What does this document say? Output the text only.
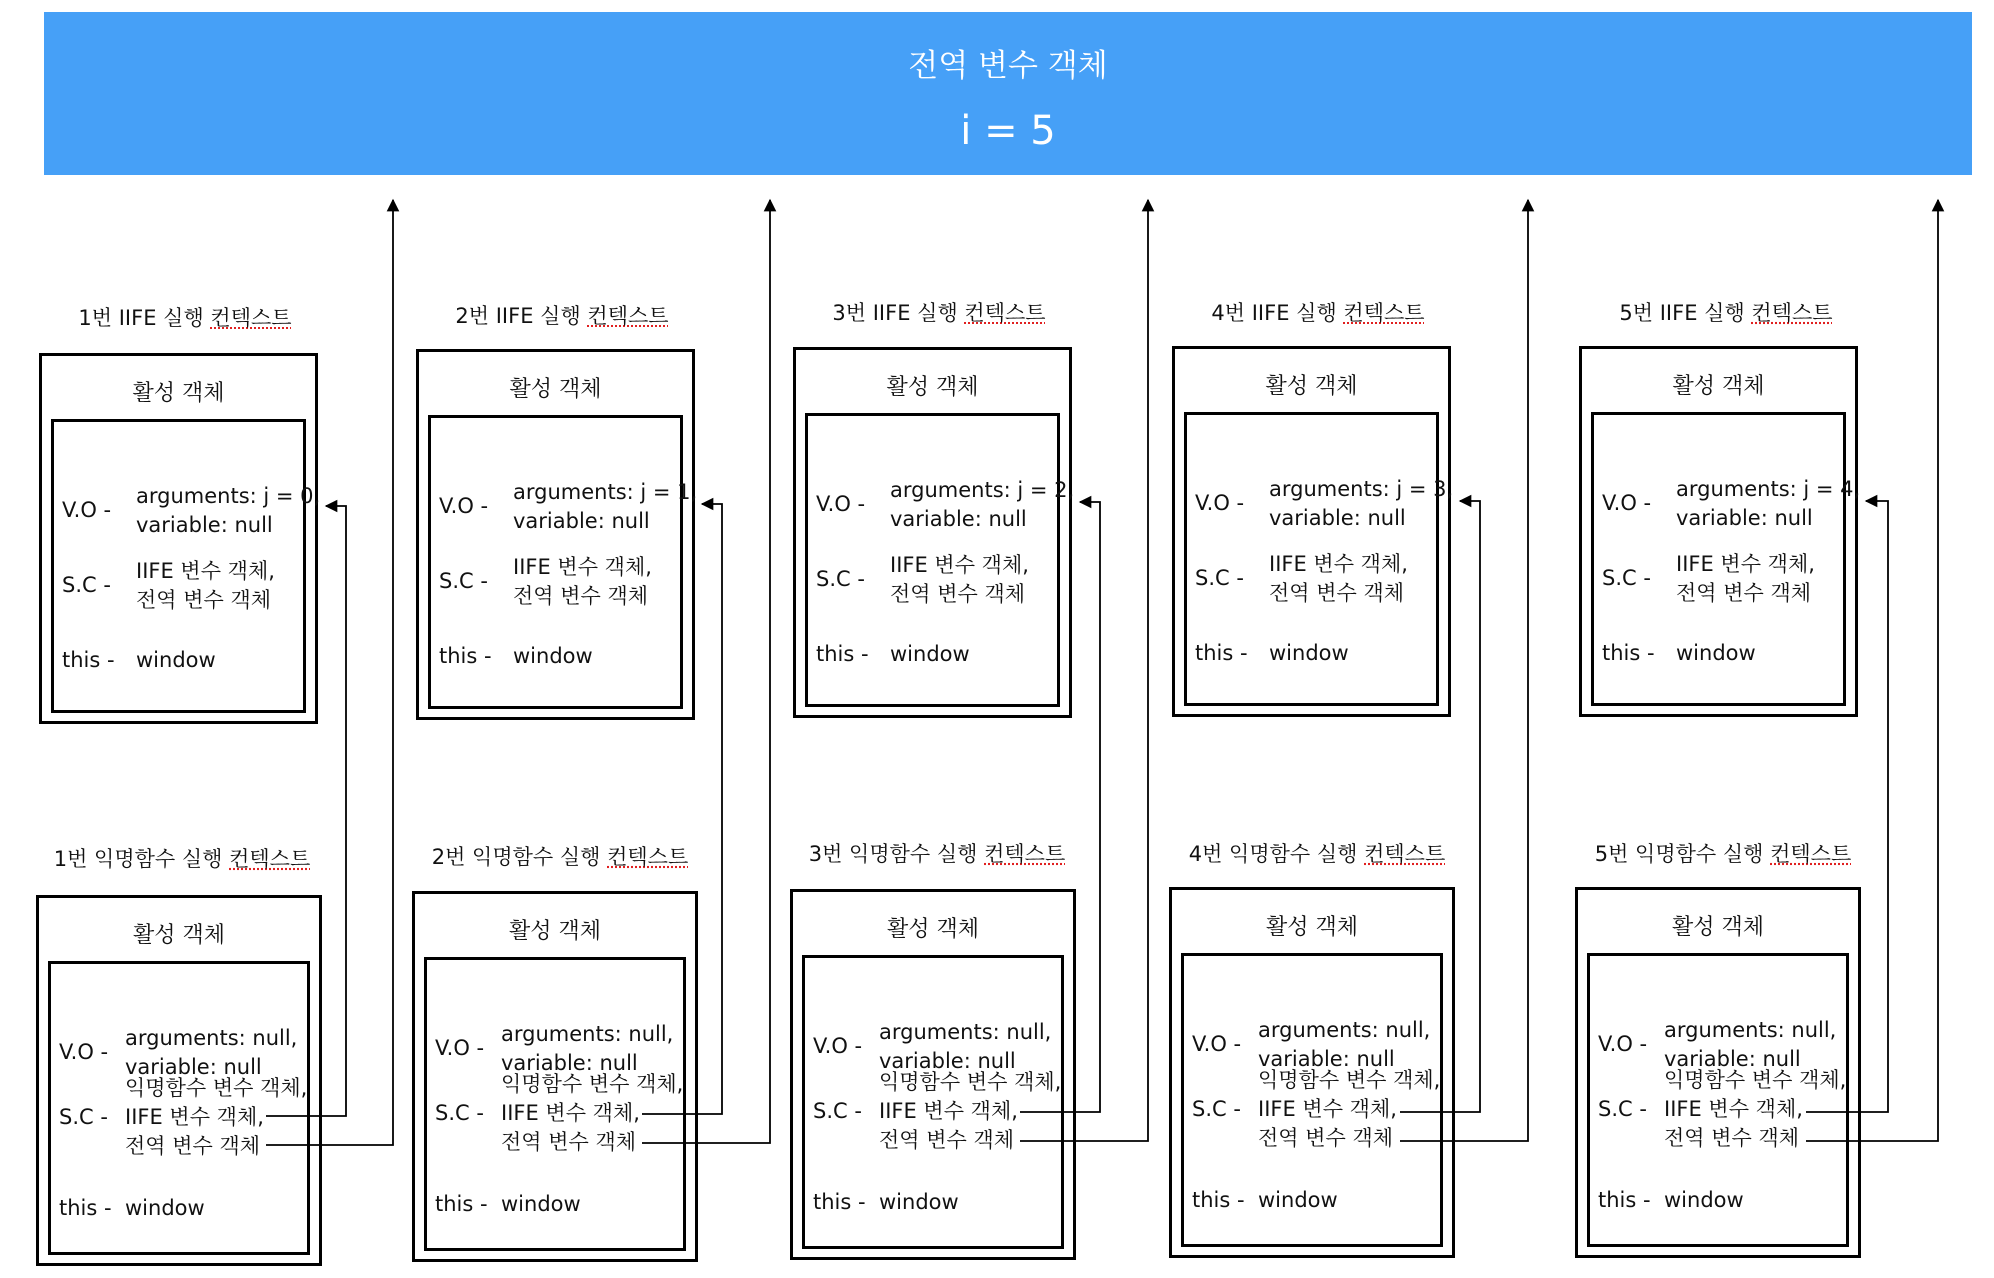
전역 변수 객체
i = 5
1번 IIFE 실행 컨텍스트
활성 객체
V.O -
arguments: j = 0,
variable: null
S.C -
IIFE 변수 객체,
전역 변수 객체
this - window
2번 IIFE 실행 컨텍스트
활성 객체
V.O -
arguments: j = 1,
variable: null
S.C -
IIFE 변수 객체,
전역 변수 객체
this - window
3번 IIFE 실행 컨텍스트
활성 객체
V.O -
arguments: j = 2,
variable: null
S.C -
IIFE 변수 객체,
전역 변수 객체
this - window
4번 IIFE 실행 컨텍스트
활성 객체
V.O -
arguments: j = 3,
variable: null
S.C -
IIFE 변수 객체,
전역 변수 객체
this - window
5번 IIFE 실행 컨텍스트
활성 객체
V.O -
arguments: j = 4,
variable: null
S.C -
IIFE 변수 객체,
전역 변수 객체
this - window
1번 익명함수 실행 컨텍스트
활성 객체
V.O -
arguments: null,
variable: null
S.C -
익명함수 변수 객체,
IIFE 변수 객체,
전역 변수 객체
this - window
2번 익명함수 실행 컨텍스트
활성 객체
V.O -
arguments: null,
variable: null
S.C -
익명함수 변수 객체,
IIFE 변수 객체,
전역 변수 객체
this - window
3번 익명함수 실행 컨텍스트
활성 객체
V.O -
arguments: null,
variable: null
S.C -
익명함수 변수 객체,
IIFE 변수 객체,
전역 변수 객체
this - window
4번 익명함수 실행 컨텍스트
활성 객체
V.O -
arguments: null,
variable: null
S.C -
익명함수 변수 객체,
IIFE 변수 객체,
전역 변수 객체
this - window
5번 익명함수 실행 컨텍스트
활성 객체
V.O -
arguments: null,
variable: null
S.C -
익명함수 변수 객체,
IIFE 변수 객체,
전역 변수 객체
this - window
